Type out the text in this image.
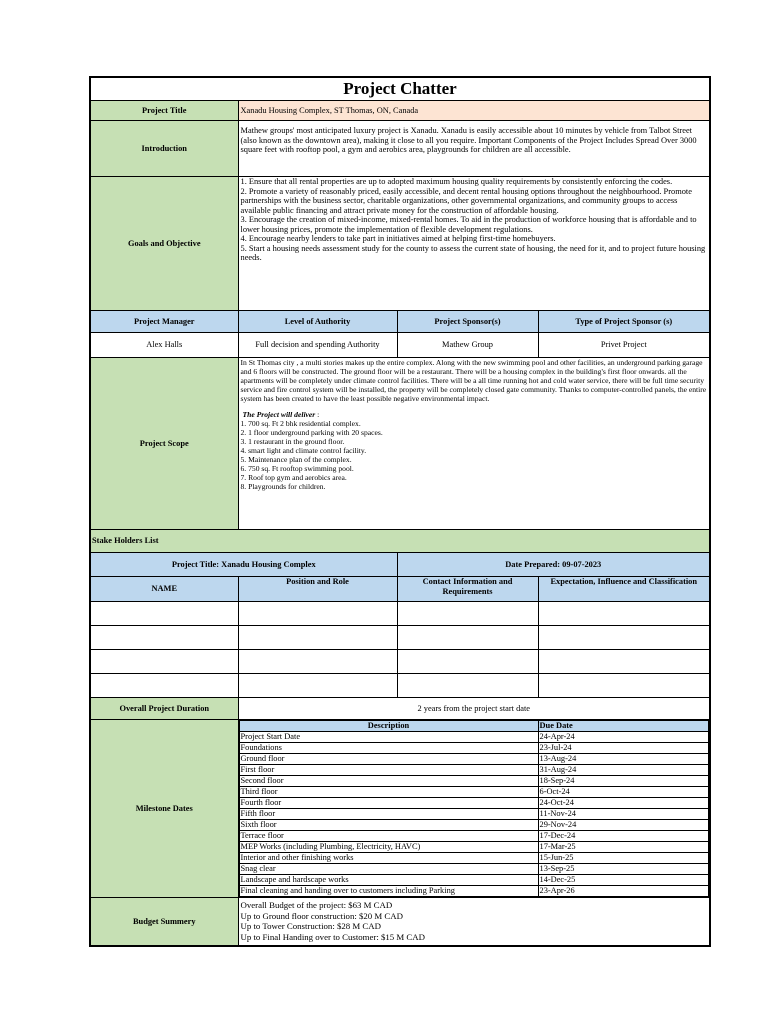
Project Chatter
Project Title	Xanadu Housing Complex, ST Thomas, ON, Canada
Introduction	Mathew groups' most anticipated luxury project is Xanadu. Xanadu is easily accessible about 10 minutes by vehicle from Talbot Street (also known as the downtown area), making it close to all you require. Important Components of the Project Includes Spread Over 3000 square feet with rooftop pool, a gym and aerobics area, playgrounds for children are all accessible.
Goals and Objective	
1. Ensure that all rental properties are up to adopted maximum housing quality requirements by consistently enforcing the codes.
2. Promote a variety of reasonably priced, easily accessible, and decent rental housing options throughout the neighbourhood. Promote partnerships with the business sector, charitable organizations, other governmental organizations, and community groups to access available public financing and attract private money for the construction of affordable housing.
3. Encourage the creation of mixed-income, mixed-rental homes. To aid in the production of workforce housing that is affordable and to lower housing prices, promote the implementation of flexible development regulations.
4. Encourage nearby lenders to take part in initiatives aimed at helping first-time homebuyers.
5. Start a housing needs assessment study for the county to assess the current state of housing, the need for it, and to project future housing needs.

Project Manager	Level of Authority	Project Sponsor(s)	Type of Project Sponsor (s)
Alex Halls	Full decision and spending Authority	Mathew Group	Privet Project
Project Scope	

In St Thomas city , a multi stories makes up the entire complex. Along with the new swimming pool and other facilities, an underground parking garage and 6 floors will be constructed. The ground floor will be a restaurant. There will be a housing complex in the building's first floor onwards. all the apartments will be completely under climate control facilities. There will be a all time running hot and cold water service, there will be full time security service and fire control system will be installed, the property will be completely closed gate community. Thanks to computer-controlled panels, the entire system has been created to have the least possible negative environmental impact.

The Project will deliver :

1. 700 sq. Ft 2 bhk residential complex.
2. 1 floor underground parking with 20 spaces.
3. 1 restaurant in the ground floor.
4. smart light and climate control facility.
5. Maintenance plan of the complex.
6. 750 sq. Ft rooftop swimming pool.
7. Roof top gym and aerobics area.
8. Playgrounds for children.

Stake Holders List
Project Title: Xanadu Housing Complex	Date Prepared: 09-07-2023
NAME	Position and Role	Contact Information and Requirements	Expectation, Influence and Classification

Overall Project Duration	2 years from the project start date
Milestone Dates	
Description	Due Date
Project Start Date	24-Apr-24
Foundations	23-Jul-24
Ground floor	13-Aug-24
First floor	31-Aug-24
Second floor	18-Sep-24
Third floor	6-Oct-24
Fourth floor	24-Oct-24
Fifth floor	11-Nov-24
Sixth floor	29-Nov-24
Terrace floor	17-Dec-24
MEP Works (including Plumbing, Electricity, HAVC)	17-Mar-25
Interior and other finishing works	15-Jun-25
Snag clear	13-Sep-25
Landscape and hardscape works	14-Dec-25
Final cleaning and handing over to customers including Parking	23-Apr-26

Budget Summery	
Overall Budget of the project: $63 M CAD
Up to Ground floor construction: $20 M CAD
Up to Tower Construction: $28 M CAD
Up to Final Handing over to Customer: $15 M CAD
